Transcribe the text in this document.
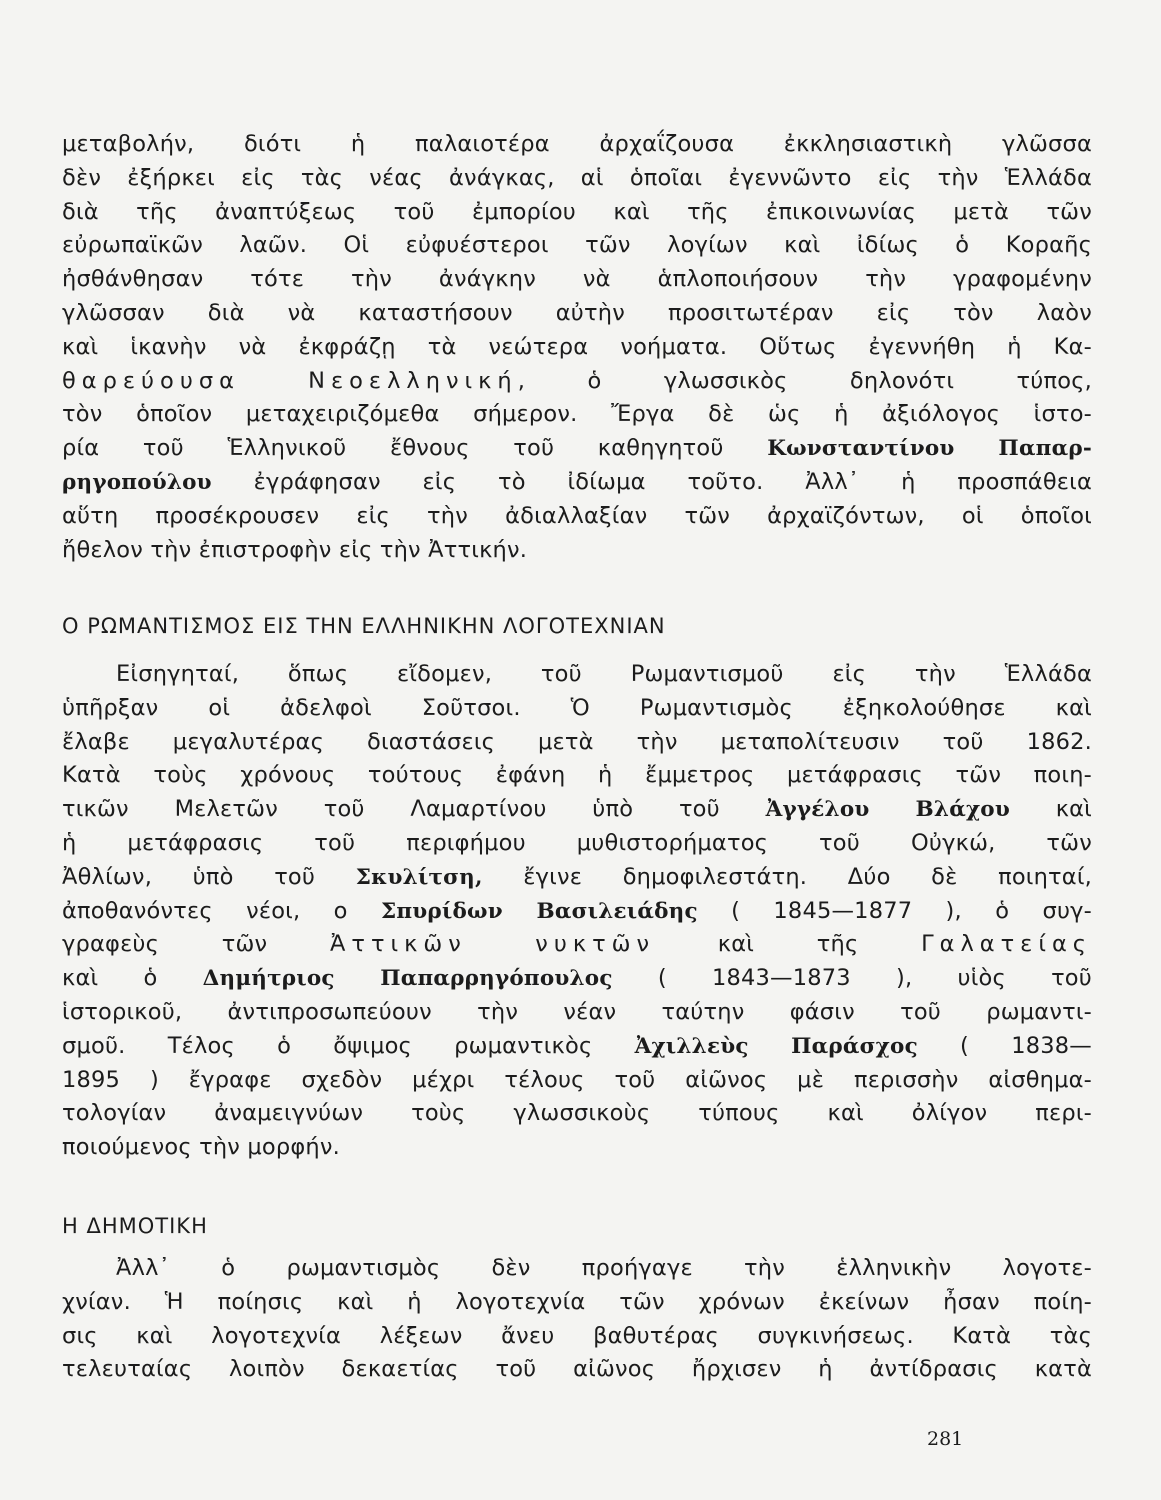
μεταβολήν, διότι ἡ παλαιοτέρα ἀρχαΐζουσα ἐκκλησιαστικὴ γλῶσσα
δὲν ἐξήρκει εἰς τὰς νέας ἀνάγκας, αἱ ὁποῖαι ἐγεννῶντο εἰς τὴν Ἑλλάδα
διὰ τῆς ἀναπτύξεως τοῦ ἐμπορίου καὶ τῆς ἐπικοινωνίας μετὰ τῶν
εὐρωπαϊκῶν λαῶν. Οἱ εὐφυέστεροι τῶν λογίων καὶ ἰδίως ὁ Κοραῆς
ἠσθάνθησαν τότε τὴν ἀνάγκην νὰ ἁπλοποιήσουν τὴν γραφομένην
γλῶσσαν διὰ νὰ καταστήσουν αὐτὴν προσιτωτέραν εἰς τὸν λαὸν
καὶ ἱκανὴν νὰ ἐκφράζῃ τὰ νεώτερα νοήματα. Οὕτως ἐγεννήθη ἡ Κα-
θαρεύουσα Νεοελληνική, ὁ γλωσσικὸς δηλονότι τύπος,
τὸν ὁποῖον μεταχειριζόμεθα σήμερον. Ἔργα δὲ ὡς ἡ ἀξιόλογος ἱστο-
ρία τοῦ Ἑλληνικοῦ ἔθνους τοῦ καθηγητοῦ Κωνσταντίνου Παπαρ-
ρηγοπούλου ἐγράφησαν εἰς τὸ ἰδίωμα τοῦτο. Ἀλλ᾽ ἡ προσπάθεια
αὕτη προσέκρουσεν εἰς τὴν ἀδιαλλαξίαν τῶν ἀρχαϊζόντων, οἱ ὁποῖοι
ἤθελον τὴν ἐπιστροφὴν εἰς τὴν Ἀττικήν.
Ο ΡΩΜΑΝΤΙΣΜΟΣ ΕΙΣ ΤΗΝ ΕΛΛΗΝΙΚΗΝ ΛΟΓΟΤΕΧΝΙΑΝ
Εἰσηγηταί, ὅπως εἴδομεν, τοῦ Ρωμαντισμοῦ εἰς τὴν Ἑλλάδα
ὑπῆρξαν οἱ ἀδελφοὶ Σοῦτσοι. Ὁ Ρωμαντισμὸς ἐξηκολούθησε καὶ
ἔλαβε μεγαλυτέρας διαστάσεις μετὰ τὴν μεταπολίτευσιν τοῦ 1862.
Κατὰ τοὺς χρόνους τούτους ἐφάνη ἡ ἔμμετρος μετάφρασις τῶν ποιη-
τικῶν Μελετῶν τοῦ Λαμαρτίνου ὑπὸ τοῦ Ἀγγέλου Βλάχου καὶ
ἡ μετάφρασις τοῦ περιφήμου μυθιστορήματος τοῦ Οὐγκώ, τῶν
Ἀθλίων, ὑπὸ τοῦ Σκυλίτση, ἔγινε δημοφιλεστάτη. Δύο δὲ ποιηταί,
ἀποθανόντες νέοι, ο Σπυρίδων Βασιλειάδης ( 1845—1877 ), ὁ συγ-
γραφεὺς τῶν Ἀττικῶν νυκτῶν καὶ τῆς Γαλατείας
καὶ ὁ Δημήτριος Παπαρρηγόπουλος ( 1843—1873 ), υἱὸς τοῦ
ἱστορικοῦ, ἀντιπροσωπεύουν τὴν νέαν ταύτην φάσιν τοῦ ρωμαντι-
σμοῦ. Τέλος ὁ ὄψιμος ρωμαντικὸς Ἀχιλλεὺς Παράσχος ( 1838—
1895 ) ἔγραφε σχεδὸν μέχρι τέλους τοῦ αἰῶνος μὲ περισσὴν αἰσθημα-
τολογίαν ἀναμειγνύων τοὺς γλωσσικοὺς τύπους καὶ ὀλίγον περι-
ποιούμενος τὴν μορφήν.
Η ΔΗΜΟΤΙΚΗ
Ἀλλ᾽ ὁ ρωμαντισμὸς δὲν προήγαγε τὴν ἑλληνικὴν λογοτε-
χνίαν. Ἡ ποίησις καὶ ἡ λογοτεχνία τῶν χρόνων ἐκείνων ἦσαν ποίη-
σις καὶ λογοτεχνία λέξεων ἄνευ βαθυτέρας συγκινήσεως. Κατὰ τὰς
τελευταίας λοιπὸν δεκαετίας τοῦ αἰῶνος ἤρχισεν ἡ ἀντίδρασις κατὰ
281
